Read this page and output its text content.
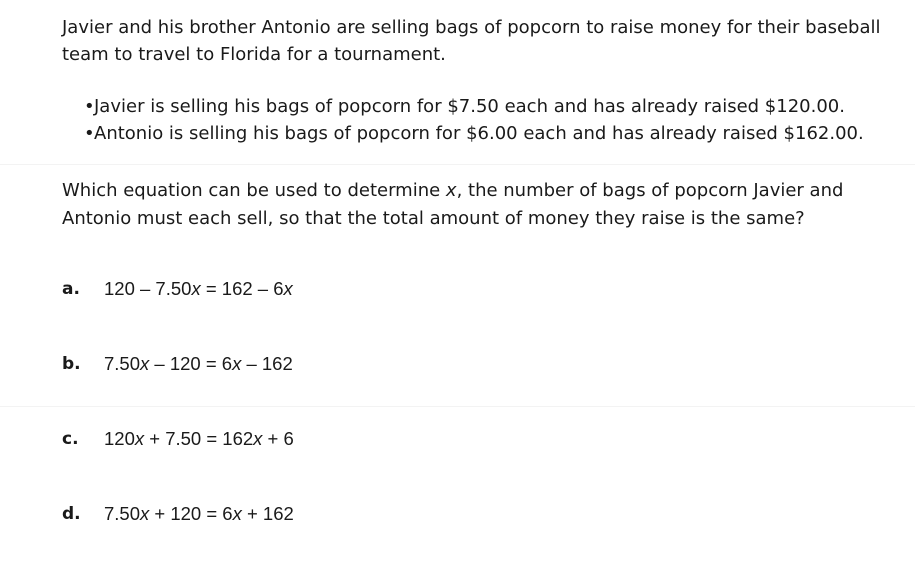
Javier and his brother Antonio are selling bags of popcorn to raise money for their baseball team to travel to Florida for a tournament.

•Javier is selling his bags of popcorn for $7.50 each and has already raised $120.00.
•Antonio is selling his bags of popcorn for $6.00 each and has already raised $162.00.

Which equation can be used to determine x, the number of bags of popcorn Javier and Antonio must each sell, so that the total amount of money they raise is the same?

a.	120 – 7.50x = 162 – 6x
b.	7.50x – 120 = 6x – 162
c.	120x + 7.50 = 162x + 6
d.	7.50x + 120 = 6x + 162
